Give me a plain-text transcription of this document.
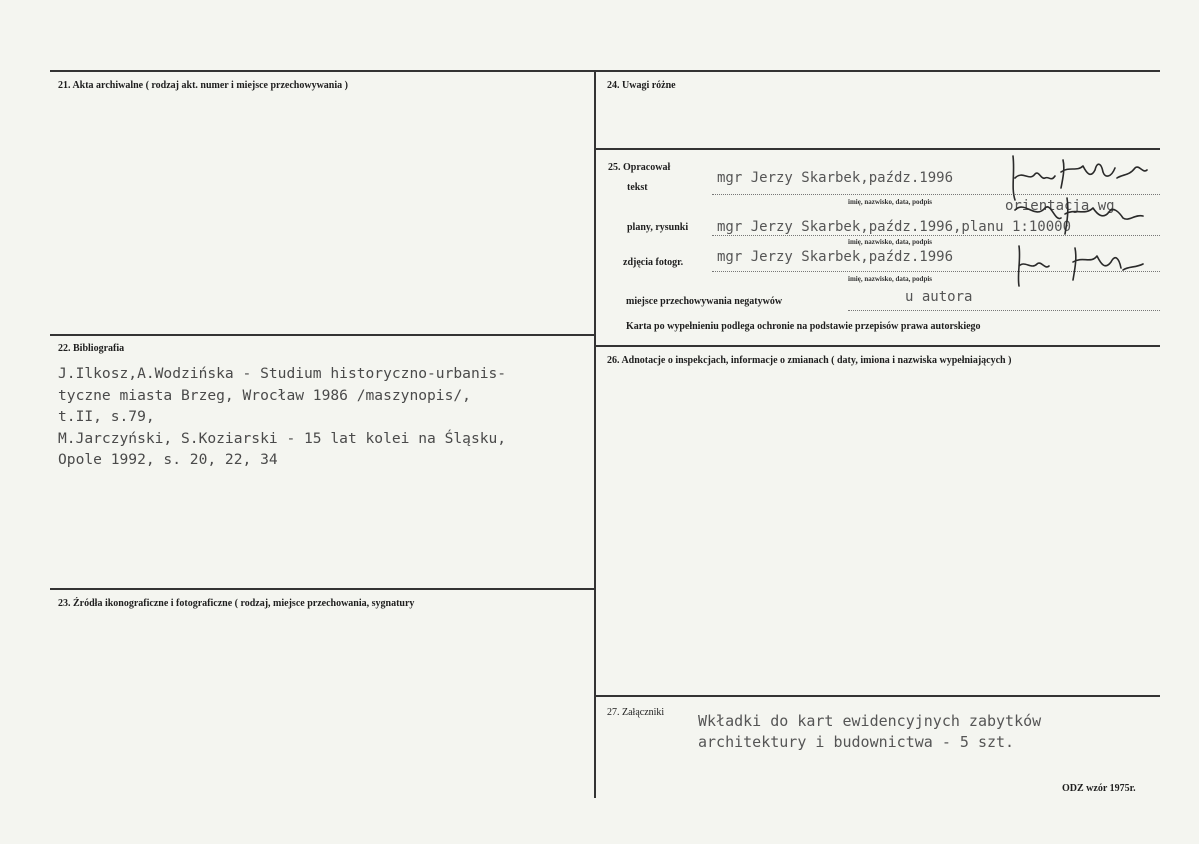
21. Akta archiwalne ( rodzaj akt. numer i miejsce przechowywania )
22. Bibliografia
J.Ilkosz,A.Wodzińska - Studium historyczno-urbanis-
tyczne miasta Brzeg, Wrocław 1986 /maszynopis/,
t.II, s.79,
M.Jarczyński, S.Koziarski - 15 lat kolei na Śląsku,
Opole 1992, s. 20, 22, 34
23. Źródła ikonograficzne i fotograficzne ( rodzaj, miejsce przechowania, sygnatury
24. Uwagi różne
25. Opracował
tekst
mgr Jerzy Skarbek,paźdz.1996
imię, nazwisko, data, podpis	orientacja wg
plany, rysunki mgr Jerzy Skarbek,paźdz.1996,planu 1:10000
imię, nazwisko, data, podpis
zdjęcia fotogr. mgr Jerzy Skarbek,paźdz.1996
imię, nazwisko, data, podpis
miejsce przechowywania negatywów	u autora
Karta po wypełnieniu podlega ochronie na podstawie przepisów prawa autorskiego
26. Adnotacje o inspekcjach, informacje o zmianach ( daty, imiona i nazwiska wypełniających )
27. Załączniki Wkładki do kart ewidencyjnych zabytków
architektury i budownictwa - 5 szt.
ODZ wzór 1975r.
